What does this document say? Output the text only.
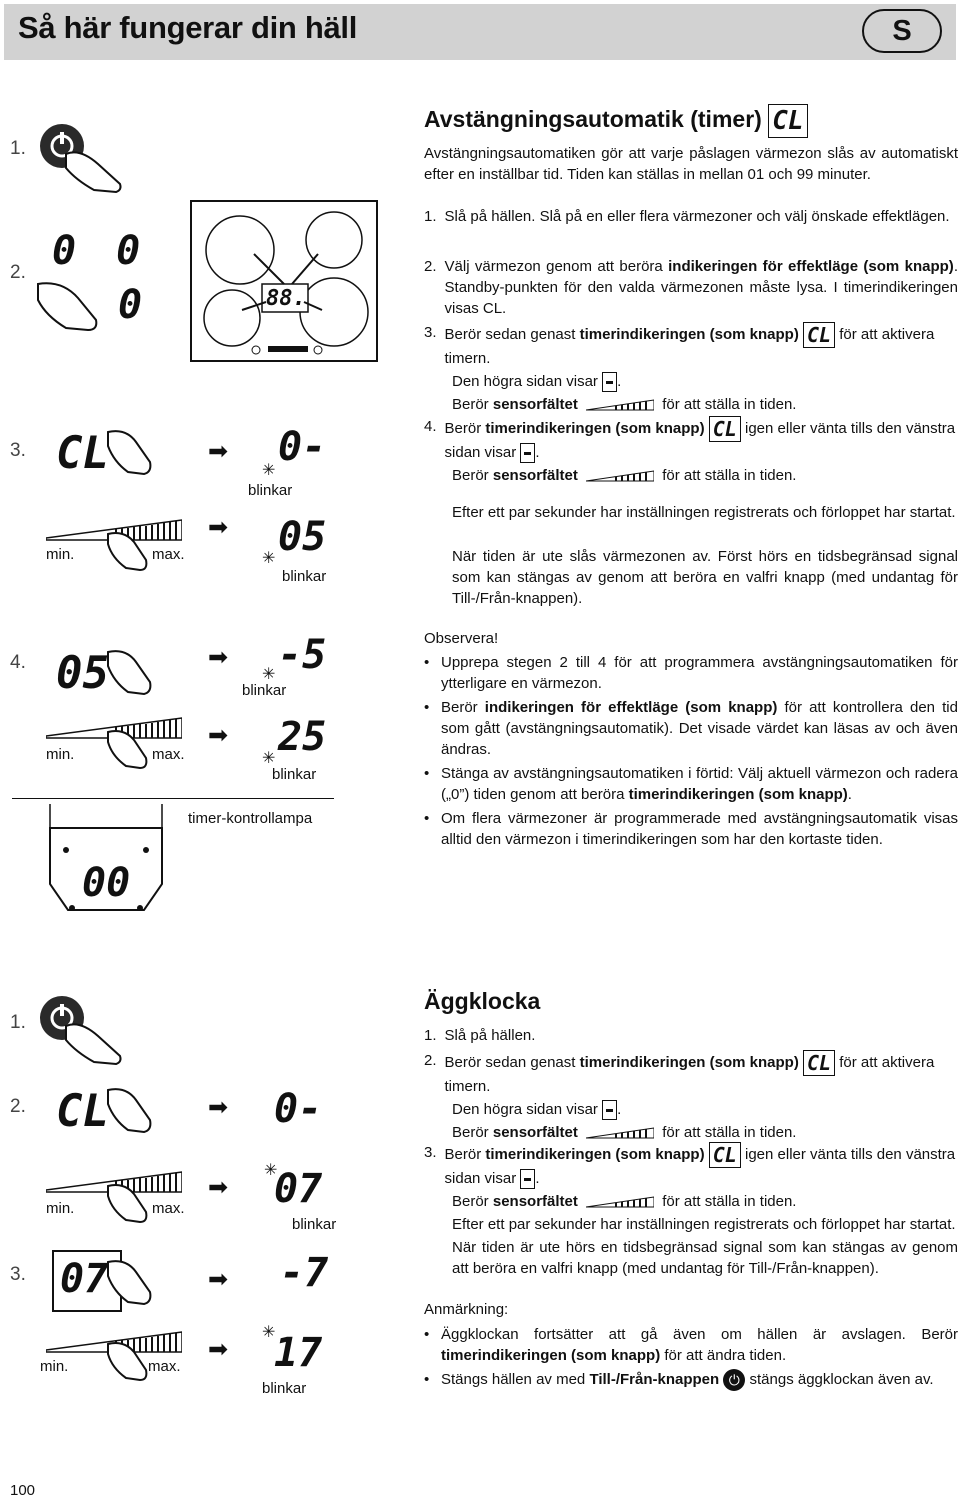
Så här fungerar din häll	S
1.
2. 0 0
0	88.
3. CL	➡ 0-
✳
blinkar
min.	max.
➡ 05
✳
blinkar
4. 05	➡ -5
✳
blinkar
min.	max.
➡ 25
✳
blinkar
timer-kontrollampa
00
Avstängningsautomatik (timer) CL
Avstängningsautomatiken gör att varje påslagen värmezon slås av automatiskt efter en inställbar tid. Tiden kan ställas in mellan 01 och 99 minuter.
1. Slå på hällen. Slå på en eller flera värmezoner och välj önskade effektlägen.
2. Välj värmezon genom att beröra indikeringen för effektläge (som knapp). Standby-punkten för den valda värmezonen måste lysa. I timerindikeringen visas CL.
3. Berör sedan genast timerindikeringen (som knapp) CL för att aktivera timern.
Den högra sidan visar .
Berör sensorfältet	för att ställa in tiden.
4. Berör timerindikeringen (som knapp) CL igen eller vänta tills den vänstra sidan visar .
Berör sensorfältet	för att ställa in tiden.
Efter ett par sekunder har inställningen registrerats och förloppet har startat.
När tiden är ute slås värmezonen av. Först hörs en tidsbegränsad signal som kan stängas av genom att beröra en valfri knapp (med undantag för Till-/Från-knappen).
Observera!
• Upprepa stegen 2 till 4 för att programmera avstängningsautomatiken för ytterligare en värmezon.
• Berör indikeringen för effektläge (som knapp) för att kontrollera den tid som gått (avstängningsautomatik). Det visade värdet kan läsas av och även ändras.
• Stänga av avstängningsautomatiken i förtid: Välj aktuell värmezon och radera („0”) tiden genom att beröra timerindikeringen (som knapp).
• Om flera värmezoner är programmerade med avstängningsautomatik visas alltid den värmezon i timerindikeringen som har den kortaste tiden.
1.
2. CL	➡ 0-
min.	max.
➡ 07
✳
blinkar
3. 07	➡ -7
min.	max.
➡ 17
✳
blinkar
Äggklocka
1. Slå på hällen.
2. Berör sedan genast timerindikeringen (som knapp) CL för att aktivera timern.
Den högra sidan visar .
Berör sensorfältet	för att ställa in tiden.
3. Berör timerindikeringen (som knapp) CL igen eller vänta tills den vänstra sidan visar .
Berör sensorfältet	för att ställa in tiden.
Efter ett par sekunder har inställningen registrerats och förloppet har startat.
När tiden är ute hörs en tidsbegränsad signal som kan stängas av genom att beröra en valfri knapp (med undantag för Till-/Från-knappen).
Anmärkning:
• Äggklockan fortsätter att gå även om hällen är avslagen. Berör timerindikeringen (som knapp) för att ändra tiden.
• Stängs hällen av med Till-/Från-knappen ⏻ stängs äggklockan även av.
100
